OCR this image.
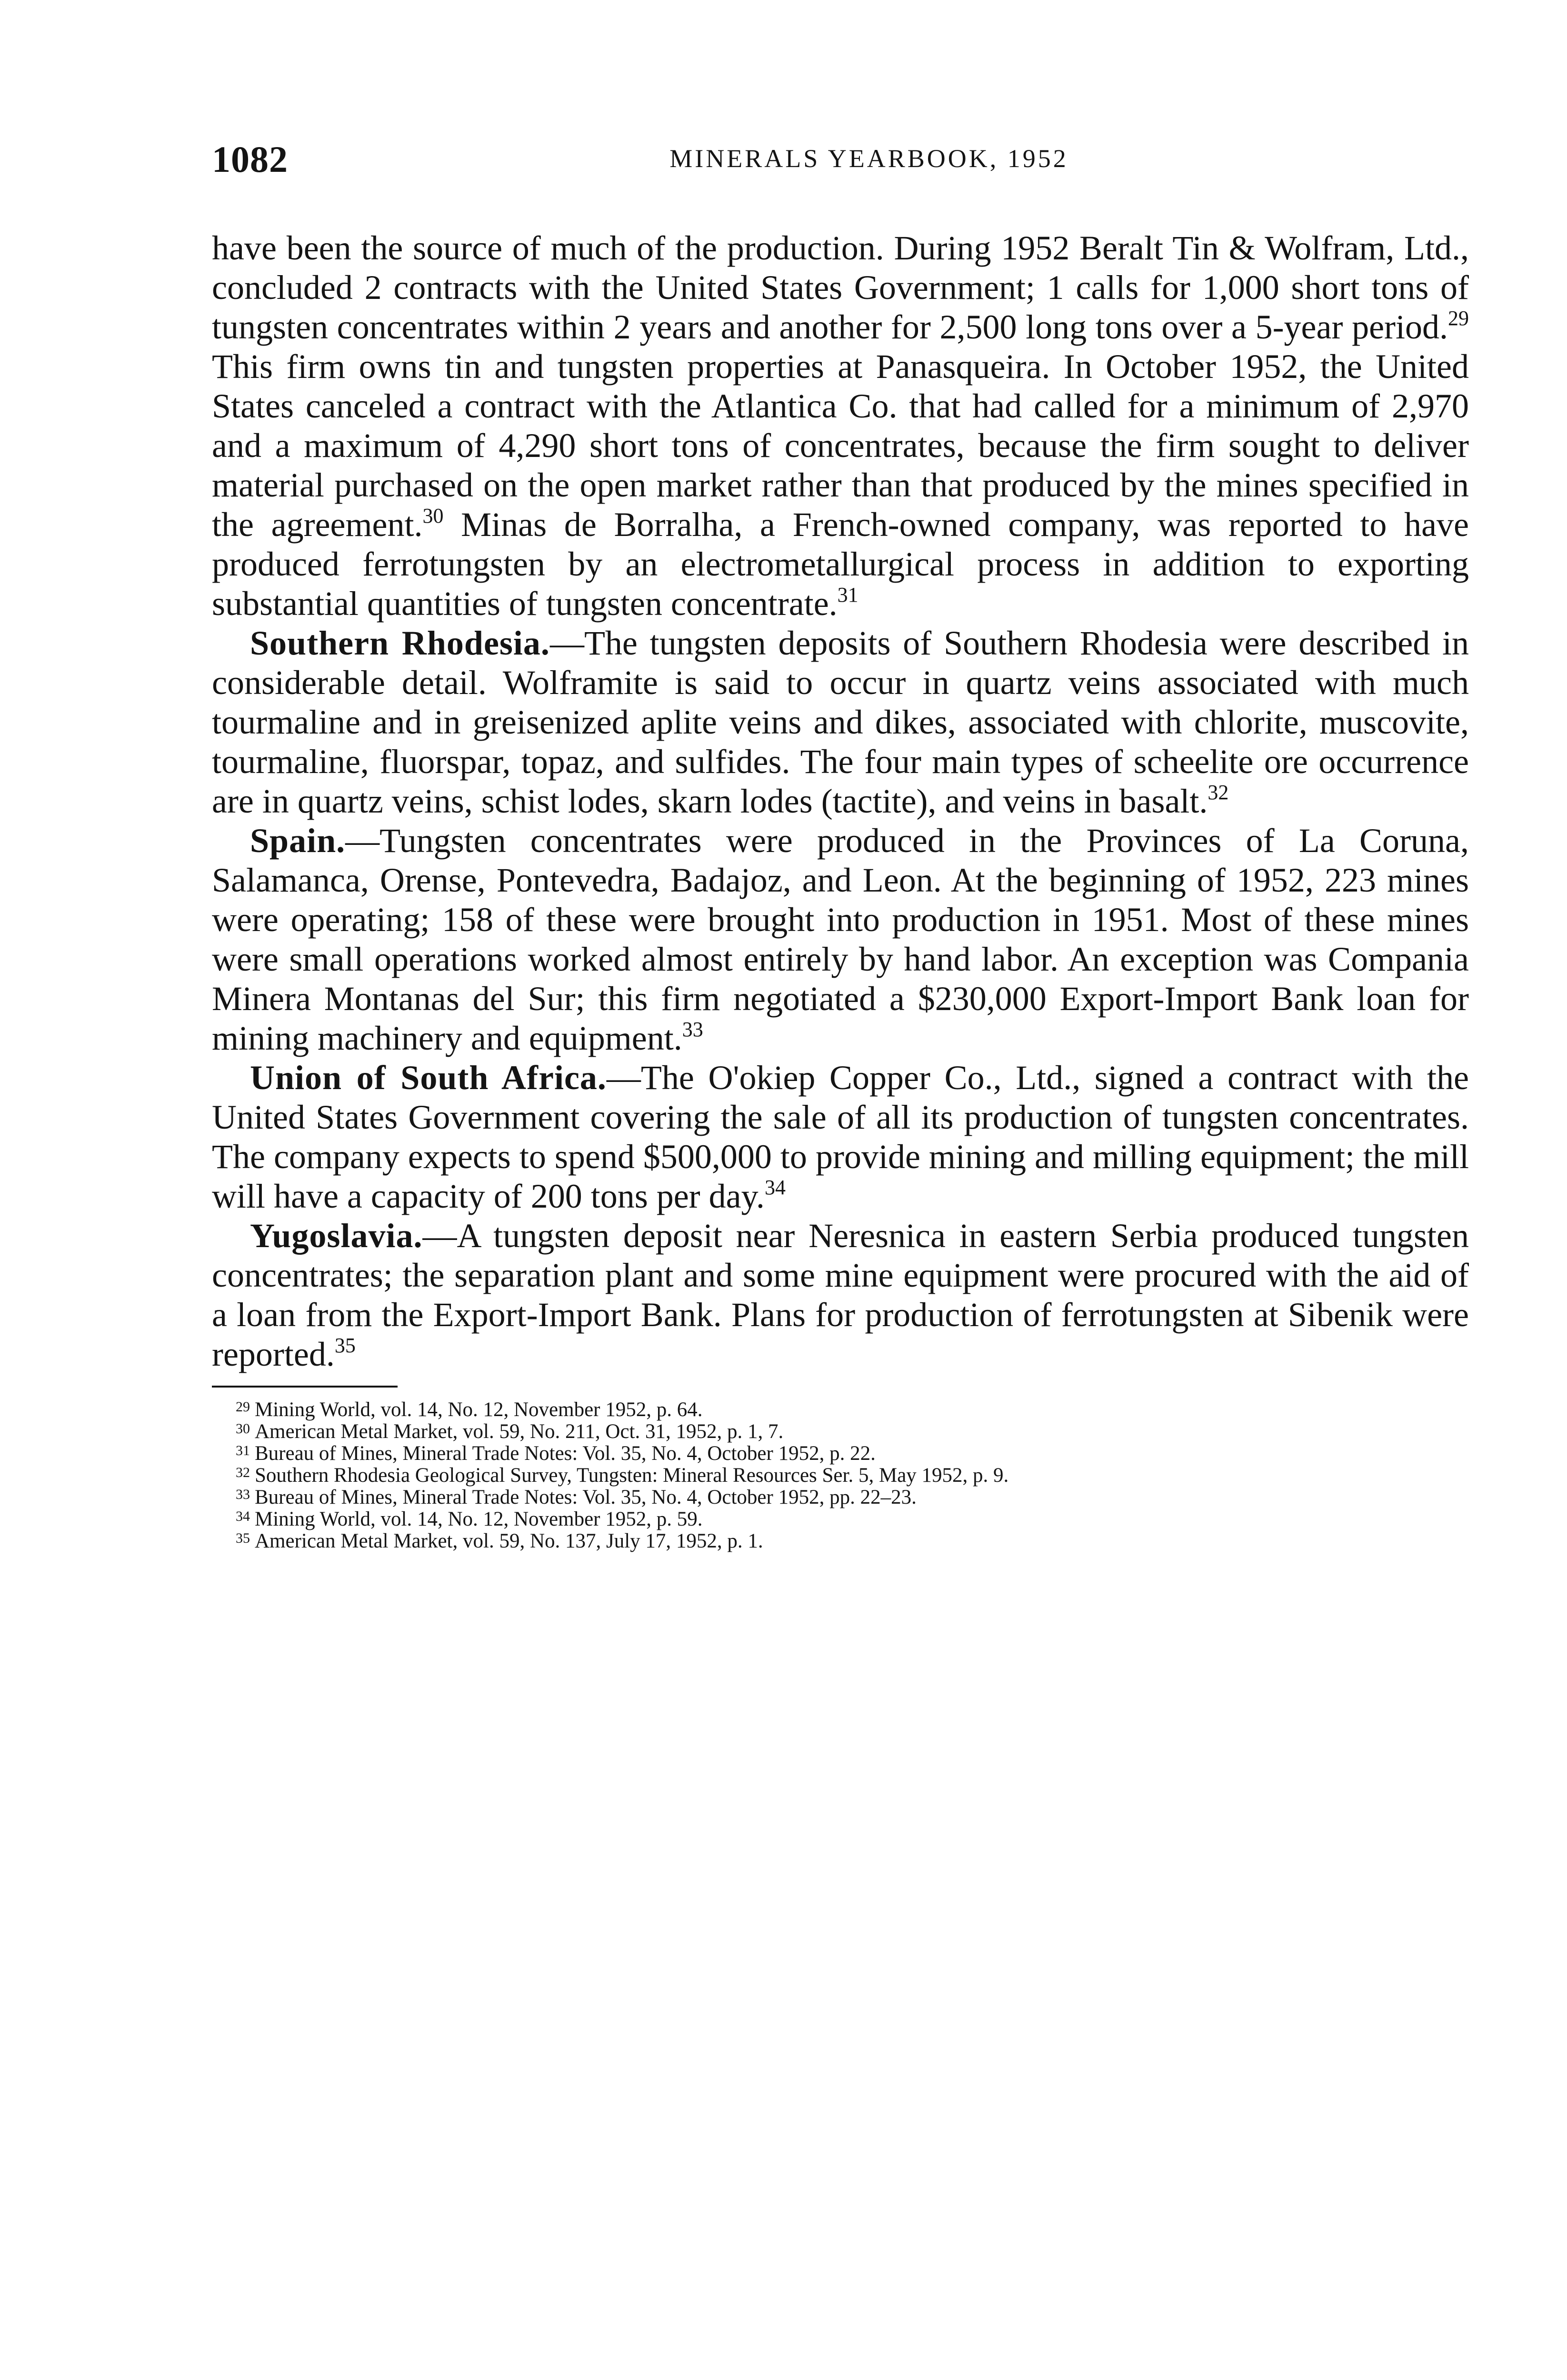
1082	MINERALS YEARBOOK, 1952

have been the source of much of the production. During 1952 Beralt Tin & Wolfram, Ltd., concluded 2 contracts with the United States Government; 1 calls for 1,000 short tons of tungsten concentrates within 2 years and another for 2,500 long tons over a 5-year period.$^{29}$ This firm owns tin and tungsten properties at Panasqueira. In October 1952, the United States canceled a contract with the Atlantica Co. that had called for a minimum of 2,970 and a maximum of 4,290 short tons of concentrates, because the firm sought to deliver material purchased on the open market rather than that produced by the mines specified in the agreement.$^{30}$ Minas de Borralha, a French-owned company, was reported to have produced ferrotungsten by an electrometallurgical process in addition to exporting substantial quantities of tungsten concentrate.$^{31}$

Southern Rhodesia.—The tungsten deposits of Southern Rhodesia were described in considerable detail. Wolframite is said to occur in quartz veins associated with much tourmaline and in greisenized aplite veins and dikes, associated with chlorite, muscovite, tourmaline, fluorspar, topaz, and sulfides. The four main types of scheelite ore occurrence are in quartz veins, schist lodes, skarn lodes (tactite), and veins in basalt.$^{32}$

Spain.—Tungsten concentrates were produced in the Provinces of La Coruna, Salamanca, Orense, Pontevedra, Badajoz, and Leon. At the beginning of 1952, 223 mines were operating; 158 of these were brought into production in 1951. Most of these mines were small operations worked almost entirely by hand labor. An exception was Compania Minera Montanas del Sur; this firm negotiated a $230,000 Export-Import Bank loan for mining machinery and equipment.$^{33}$

Union of South Africa.—The O'okiep Copper Co., Ltd., signed a contract with the United States Government covering the sale of all its production of tungsten concentrates. The company expects to spend $500,000 to provide mining and milling equipment; the mill will have a capacity of 200 tons per day.$^{34}$

Yugoslavia.—A tungsten deposit near Neresnica in eastern Serbia produced tungsten concentrates; the separation plant and some mine equipment were procured with the aid of a loan from the Export-Import Bank. Plans for production of ferrotungsten at Sibenik were reported.$^{35}$

$^{29}$ Mining World, vol. 14, No. 12, November 1952, p. 64.
$^{30}$ American Metal Market, vol. 59, No. 211, Oct. 31, 1952, p. 1, 7.
$^{31}$ Bureau of Mines, Mineral Trade Notes: Vol. 35, No. 4, October 1952, p. 22.
$^{32}$ Southern Rhodesia Geological Survey, Tungsten: Mineral Resources Ser. 5, May 1952, p. 9.
$^{33}$ Bureau of Mines, Mineral Trade Notes: Vol. 35, No. 4, October 1952, pp. 22–23.
$^{34}$ Mining World, vol. 14, No. 12, November 1952, p. 59.
$^{35}$ American Metal Market, vol. 59, No. 137, July 17, 1952, p. 1.
